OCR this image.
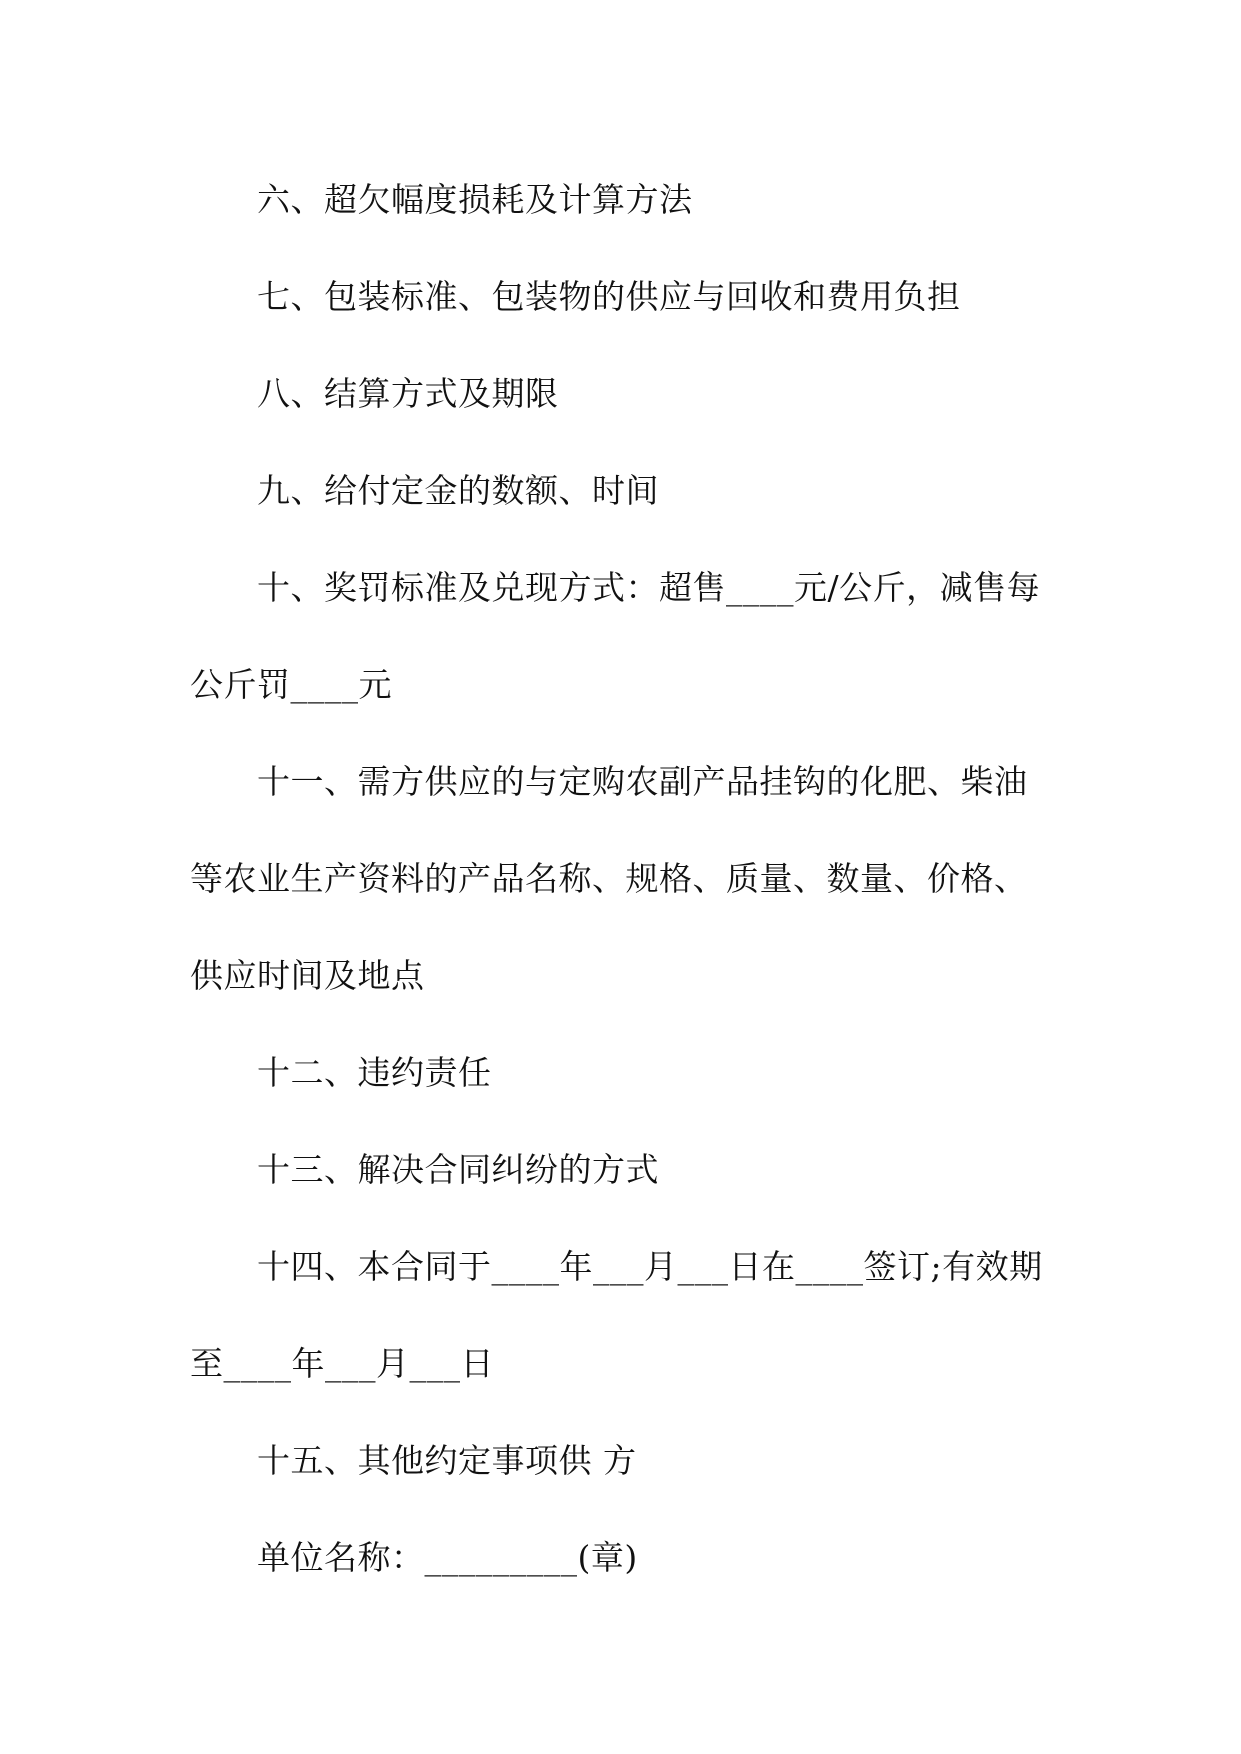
六、超欠幅度损耗及计算方法
七、包装标准、包装物的供应与回收和费用负担
八、结算方式及期限
九、给付定金的数额、时间
十、奖罚标准及兑现方式：超售____元/公斤，减售每
公斤罚____元
十一、需方供应的与定购农副产品挂钩的化肥、柴油
等农业生产资料的产品名称、规格、质量、数量、价格、
供应时间及地点
十二、违约责任
十三、解决合同纠纷的方式
十四、本合同于____年___月___日在____签订;有效期
至____年___月___日
十五、其他约定事项供 方
单位名称：_________(章)
